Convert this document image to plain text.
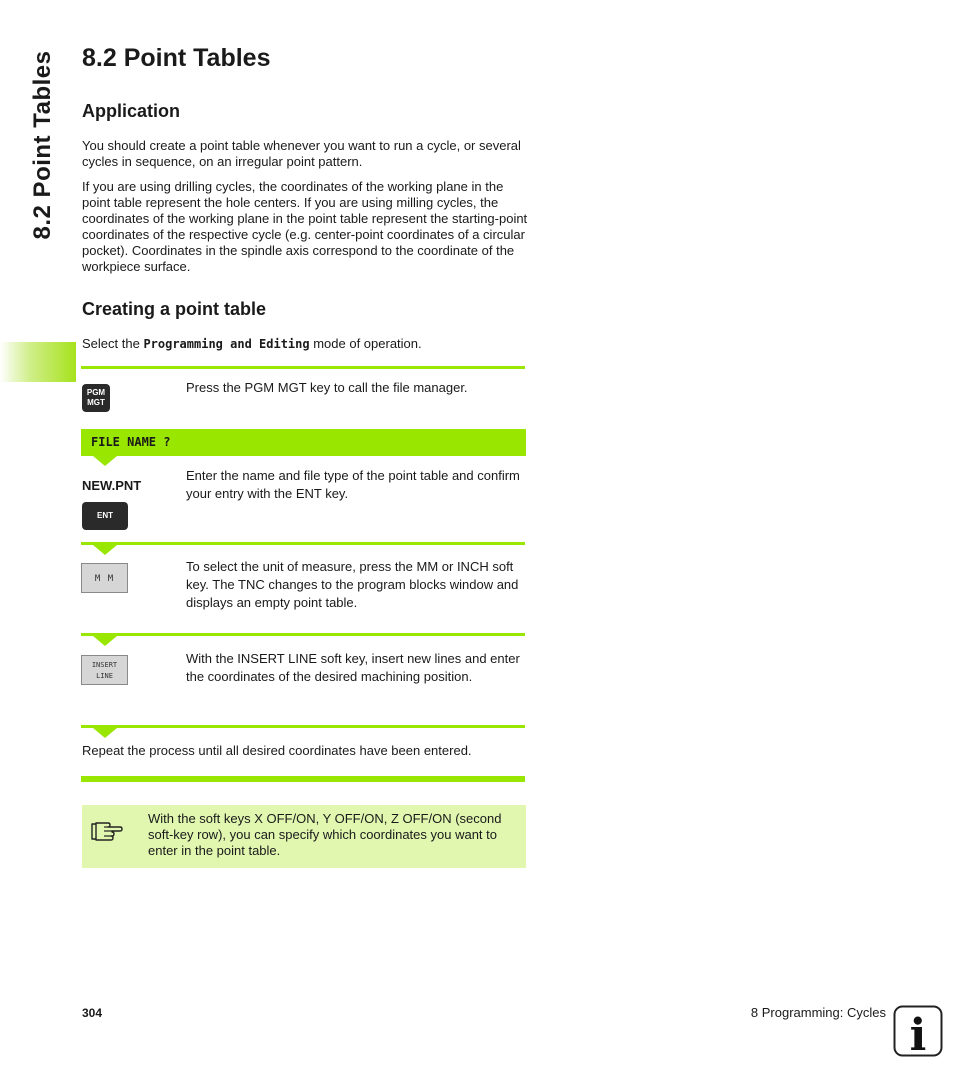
8.2 Point Tables 8.2 Point Tables
Application

You should create a point table whenever you want to run a cycle, or several cycles in sequence, on an irregular point pattern.

If you are using drilling cycles, the coordinates of the working plane in the point table represent the hole centers. If you are using milling cycles, the coordinates of the working plane in the point table represent the starting-point coordinates of the respective cycle (e.g. center-point coordinates of a circular pocket). Coordinates in the spindle axis correspond to the coordinate of the workpiece surface.

Creating a point table

Select the Programming and Editing mode of operation.

PGM
MGT

Press the PGM MGT key to call the file manager.

FILE NAME ?
NEW.PNT
ENT

Enter the name and file type of the point table and confirm your entry with the ENT key.

M M

To select the unit of measure, press the MM or INCH soft key. The TNC changes to the program blocks window and displays an empty point table.

INSERT
LINE

With the INSERT LINE soft key, insert new lines and enter the coordinates of the desired machining position.

Repeat the process until all desired coordinates have been entered.

With the soft keys X OFF/ON, Y OFF/ON, Z OFF/ON (second soft-key row), you can specify which coordinates you want to enter in the point table.

304	8 Programming: Cycles i
